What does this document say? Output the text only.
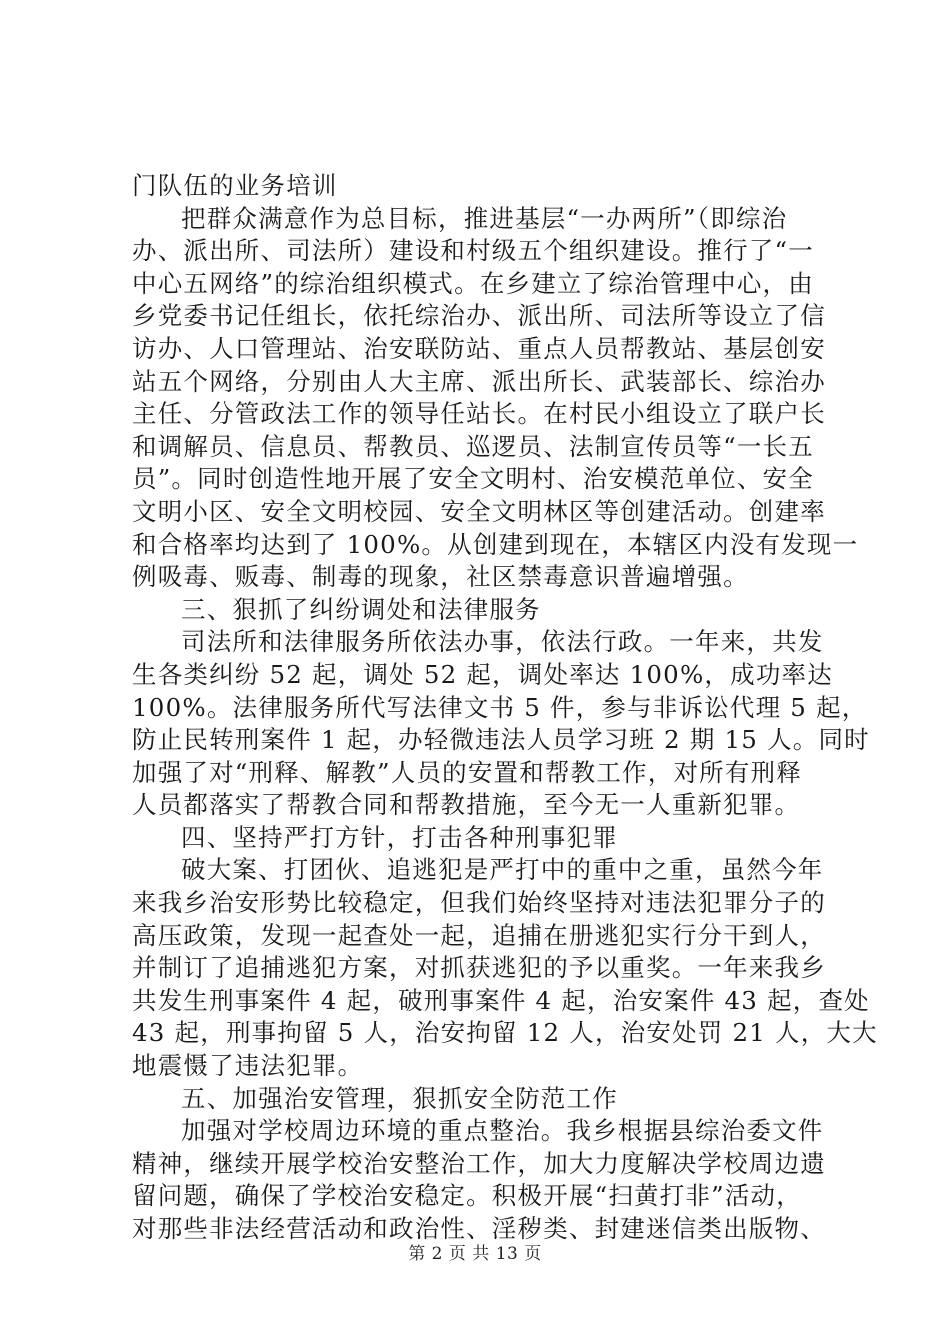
门队伍的业务培训
把群众满意作为总目标，推进基层“一办两所”（即综治
办、派出所、司法所）建设和村级五个组织建设。推行了“一
中心五网络”的综治组织模式。在乡建立了综治管理中心，由
乡党委书记任组长，依托综治办、派出所、司法所等设立了信
访办、人口管理站、治安联防站、重点人员帮教站、基层创安
站五个网络，分别由人大主席、派出所长、武装部长、综治办
主任、分管政法工作的领导任站长。在村民小组设立了联户长
和调解员、信息员、帮教员、巡逻员、法制宣传员等“一长五
员”。同时创造性地开展了安全文明村、治安模范单位、安全
文明小区、安全文明校园、安全文明林区等创建活动。创建率
和合格率均达到了 100%。从创建到现在，本辖区内没有发现一
例吸毒、贩毒、制毒的现象，社区禁毒意识普遍增强。
三、狠抓了纠纷调处和法律服务
司法所和法律服务所依法办事，依法行政。一年来，共发
生各类纠纷 52 起，调处 52 起，调处率达 100%，成功率达
100%。法律服务所代写法律文书 5 件，参与非诉讼代理 5 起，
防止民转刑案件 1 起，办轻微违法人员学习班 2 期 15 人。同时
加强了对“刑释、解教”人员的安置和帮教工作，对所有刑释
人员都落实了帮教合同和帮教措施，至今无一人重新犯罪。
四、坚持严打方针，打击各种刑事犯罪
破大案、打团伙、追逃犯是严打中的重中之重，虽然今年
来我乡治安形势比较稳定，但我们始终坚持对违法犯罪分子的
高压政策，发现一起查处一起，追捕在册逃犯实行分干到人，
并制订了追捕逃犯方案，对抓获逃犯的予以重奖。一年来我乡
共发生刑事案件 4 起，破刑事案件 4 起，治安案件 43 起，查处
43 起，刑事拘留 5 人，治安拘留 12 人，治安处罚 21 人，大大
地震慑了违法犯罪。
五、加强治安管理，狠抓安全防范工作
加强对学校周边环境的重点整治。我乡根据县综治委文件
精神，继续开展学校治安整治工作，加大力度解决学校周边遗
留问题，确保了学校治安稳定。积极开展“扫黄打非”活动，
对那些非法经营活动和政治性、淫秽类、封建迷信类出版物、
第 2 页 共 13 页
